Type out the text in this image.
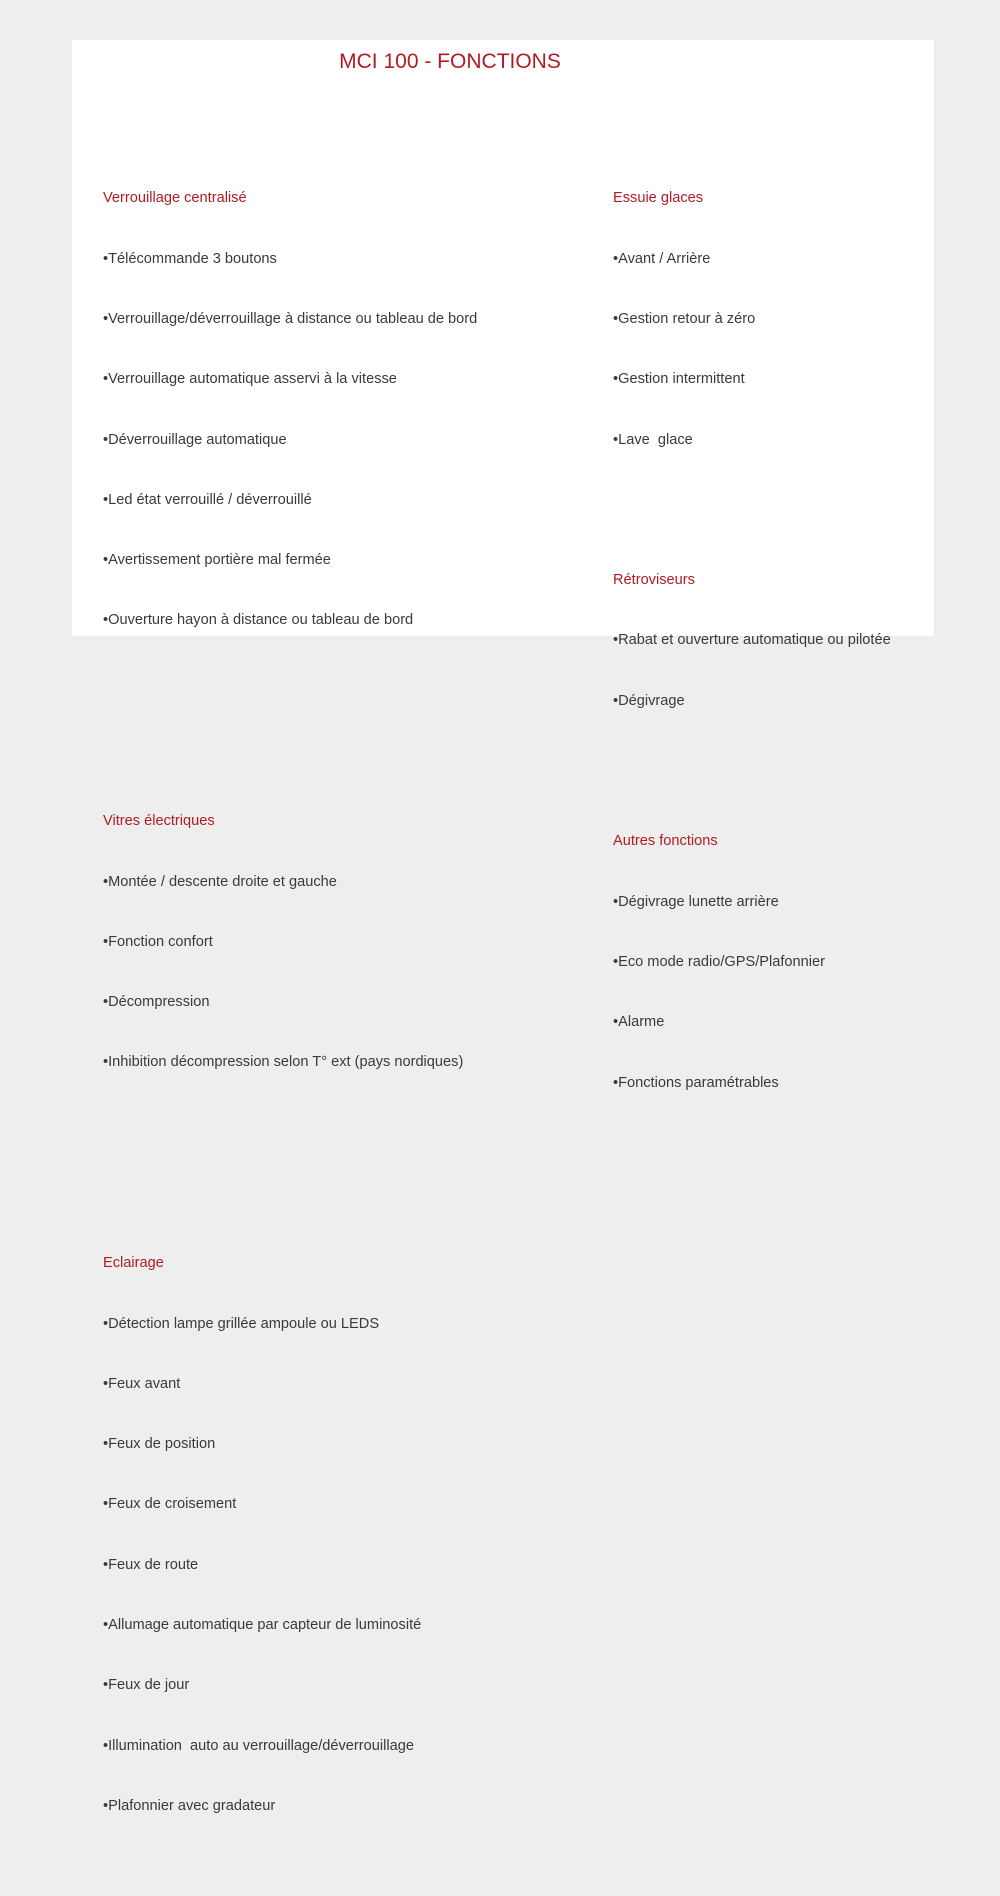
MCI 100 - FONCTIONS

Verrouillage centralisé

•Télécommande 3 boutons

•Verrouillage/déverrouillage à distance ou tableau de bord

•Verrouillage automatique asservi à la vitesse

•Déverrouillage automatique

•Led état verrouillé / déverrouillé

•Avertissement portière mal fermée

•Ouverture hayon à distance ou tableau de bord

Vitres électriques

•Montée / descente droite et gauche

•Fonction confort

•Décompression

•Inhibition décompression selon T° ext (pays nordiques)

Eclairage

•Détection lampe grillée ampoule ou LEDS

•Feux avant

•Feux de position

•Feux de croisement

•Feux de route

•Allumage automatique par capteur de luminosité

•Feux de jour

•Illumination  auto au verrouillage/déverrouillage

•Plafonnier avec gradateur

Essuie glaces

•Avant / Arrière

•Gestion retour à zéro

•Gestion intermittent

•Lave  glace

Rétroviseurs

•Rabat et ouverture automatique ou pilotée

•Dégivrage

Autres fonctions

•Dégivrage lunette arrière

•Eco mode radio/GPS/Plafonnier

•Alarme

•Fonctions paramétrables
